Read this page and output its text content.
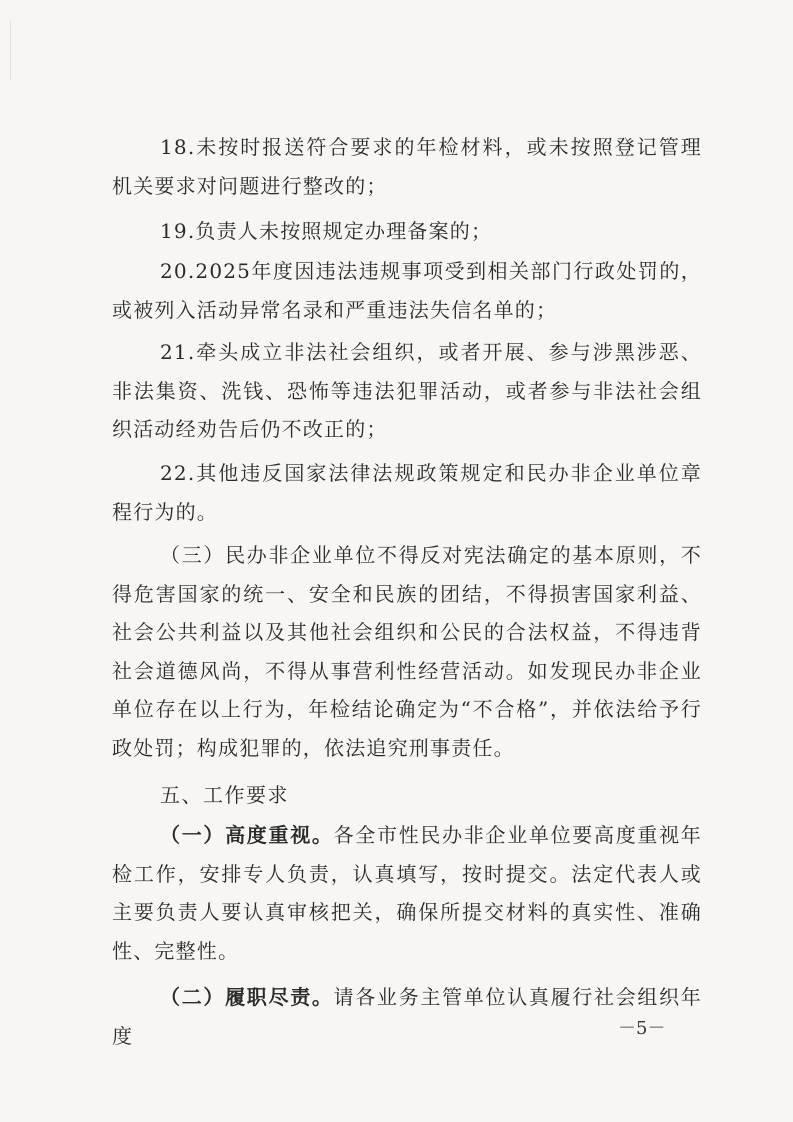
18.未按时报送符合要求的年检材料，或未按照登记管理机关要求对问题进行整改的；

19.负责人未按照规定办理备案的；

20.2025年度因违法违规事项受到相关部门行政处罚的，或被列入活动异常名录和严重违法失信名单的；

21.牵头成立非法社会组织，或者开展、参与涉黑涉恶、非法集资、洗钱、恐怖等违法犯罪活动，或者参与非法社会组织活动经劝告后仍不改正的；

22.其他违反国家法律法规政策规定和民办非企业单位章程行为的。

（三）民办非企业单位不得反对宪法确定的基本原则，不得危害国家的统一、安全和民族的团结，不得损害国家利益、社会公共利益以及其他社会组织和公民的合法权益，不得违背社会道德风尚，不得从事营利性经营活动。如发现民办非企业单位存在以上行为，年检结论确定为“不合格”，并依法给予行政处罚；构成犯罪的，依法追究刑事责任。

五、工作要求

（一）高度重视。各全市性民办非企业单位要高度重视年检工作，安排专人负责，认真填写，按时提交。法定代表人或主要负责人要认真审核把关，确保所提交材料的真实性、准确性、完整性。

（二）履职尽责。请各业务主管单位认真履行社会组织年度	－5－
